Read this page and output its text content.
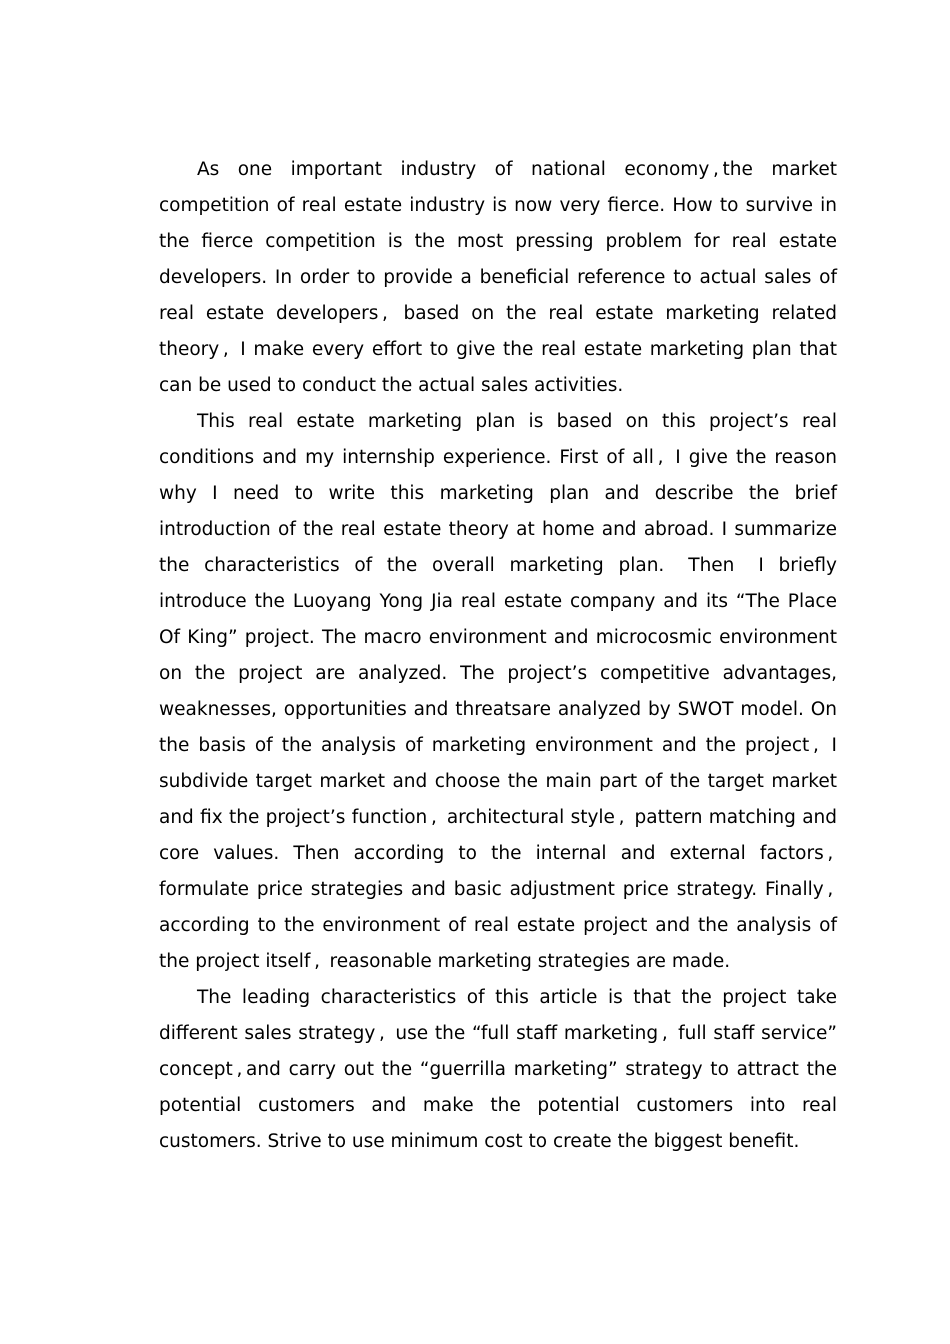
As one important industry of national economy , the market competition of real estate industry is now very fierce. How to survive in the fierce competition is the most pressing problem for real estate developers. In order to provide a beneficial reference to actual sales of real estate developers ,  based on the real estate marketing related theory ,  I make every effort to give the real estate marketing plan that can be used to conduct the actual sales activities.

This real estate marketing plan is based on this project’s real conditions and my internship experience. First of all ,  I give the reason why I need to write this marketing plan and describe the brief introduction of the real estate theory at home and abroad. I summarize the characteristics of the overall marketing plan.  Then  I briefly introduce the Luoyang Yong Jia real estate company and its “The Place Of King” project. The macro environment and microcosmic environment on the project are analyzed. The project’s competitive advantages, weaknesses, opportunities and threatsare analyzed by SWOT model. On the basis of the analysis of marketing environment and the project ,  I subdivide target market and choose the main part of the target market and fix the project’s function ,  architectural style ,  pattern matching and core values. Then according to the internal and external factors ,  formulate price strategies and basic adjustment price strategy. Finally ,  according to the environment of real estate project and the analysis of the project itself ,  reasonable marketing strategies are made.

The leading characteristics of this article is that the project take different sales strategy ,  use the “full staff marketing ,  full staff service” concept , and carry out the “guerrilla marketing” strategy to attract the potential customers and make the potential customers into real customers. Strive to use minimum cost to create the biggest benefit.
